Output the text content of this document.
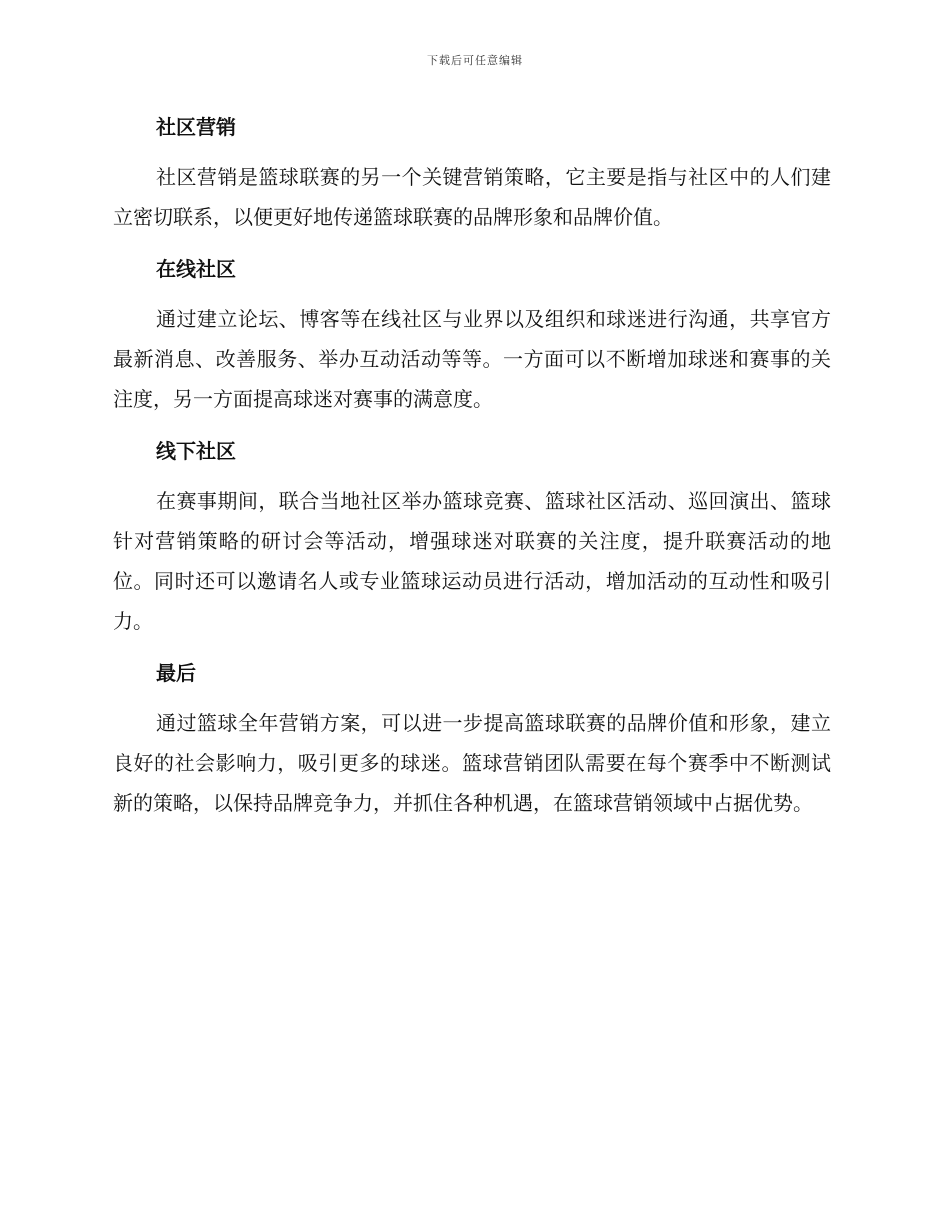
下载后可任意编辑
社区营销

社区营销是篮球联赛的另一个关键营销策略，它主要是指与社区中的人们建立密切联系，以便更好地传递篮球联赛的品牌形象和品牌价值。

在线社区

通过建立论坛、博客等在线社区与业界以及组织和球迷进行沟通，共享官方最新消息、改善服务、举办互动活动等等。一方面可以不断增加球迷和赛事的关注度，另一方面提高球迷对赛事的满意度。

线下社区

在赛事期间，联合当地社区举办篮球竞赛、篮球社区活动、巡回演出、篮球针对营销策略的研讨会等活动，增强球迷对联赛的关注度，提升联赛活动的地位。同时还可以邀请名人或专业篮球运动员进行活动，增加活动的互动性和吸引力。

最后

通过篮球全年营销方案，可以进一步提高篮球联赛的品牌价值和形象，建立良好的社会影响力，吸引更多的球迷。篮球营销团队需要在每个赛季中不断测试新的策略，以保持品牌竞争力，并抓住各种机遇，在篮球营销领域中占据优势。
